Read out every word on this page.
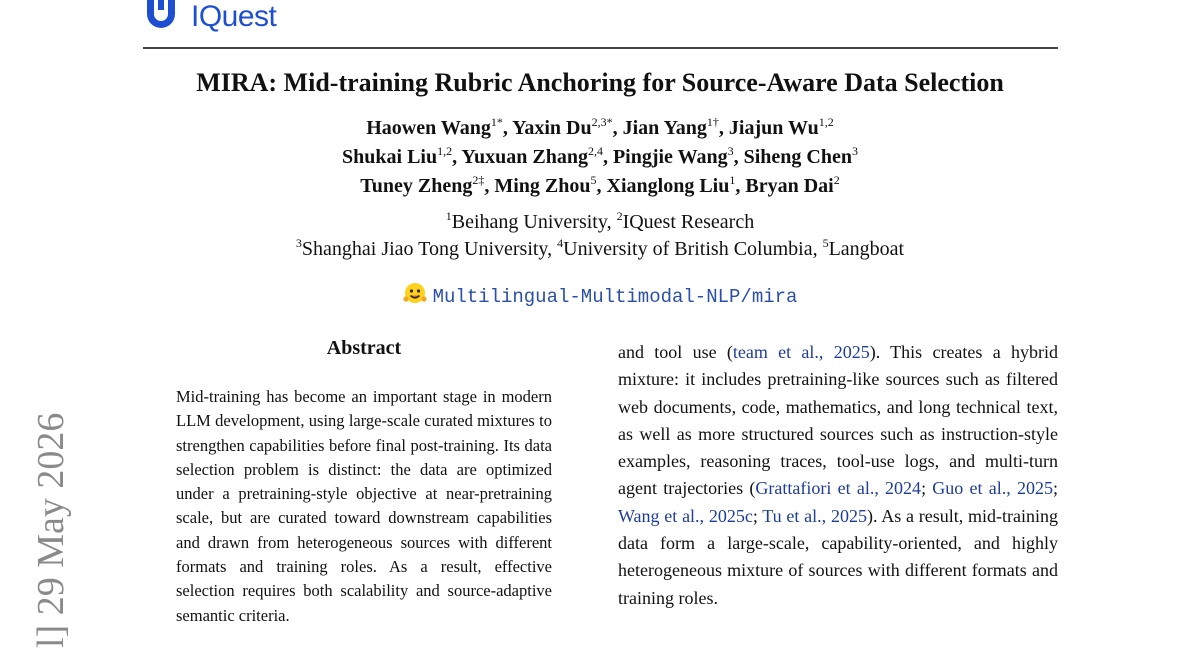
IQuest
MIRA: Mid-training Rubric Anchoring for Source-Aware Data Selection
Haowen Wang$^{1*}$, Yaxin $Du^{2,3*}$, Jian Yang$^{1\dagger}$, Jiajun Wu$^{1,2}$
Shukai Liu$^{1,2}$, Yuxuan Zhang$^{2,4}$, Pingjie Wang$^3$, Siheng Chen$^3$
Tuney Zheng$^{2\ddagger}$, Ming Zhou$^5$, Xianglong Liu$^1$, Bryan Dai$^2$
$^1$Beihang University, $^2$IQuest Research
$^3$Shanghai Jiao Tong University, $^4$University of British Columbia, $^5$Langboat
Multilingual-Multimodal-NLP/mira
Abstract

Mid-training has become an important stage in modern LLM development, using large-scale curated mixtures to strengthen capabilities before final post-training. Its data selection problem is distinct: the data are optimized under a pretraining-style objective at near-pretraining scale, but are curated toward downstream capabilities and drawn from heterogeneous sources with different formats and training roles. As a result, effective selection requires both scalability and source-adaptive semantic criteria.

and tool use (team et al., 2025). This creates a hybrid mixture: it includes pretraining-like sources such as filtered web documents, code, mathematics, and long technical text, as well as more structured sources such as instruction-style examples, reasoning traces, tool-use logs, and multi-turn agent trajectories (Grattafiori et al., 2024; Guo et al., 2025; Wang et al., 2025c; Tu et al., 2025). As a result, mid-training data form a large-scale, capability-oriented, and highly heterogeneous mixture of sources with different formats and training roles.

l] 29 May 2026
